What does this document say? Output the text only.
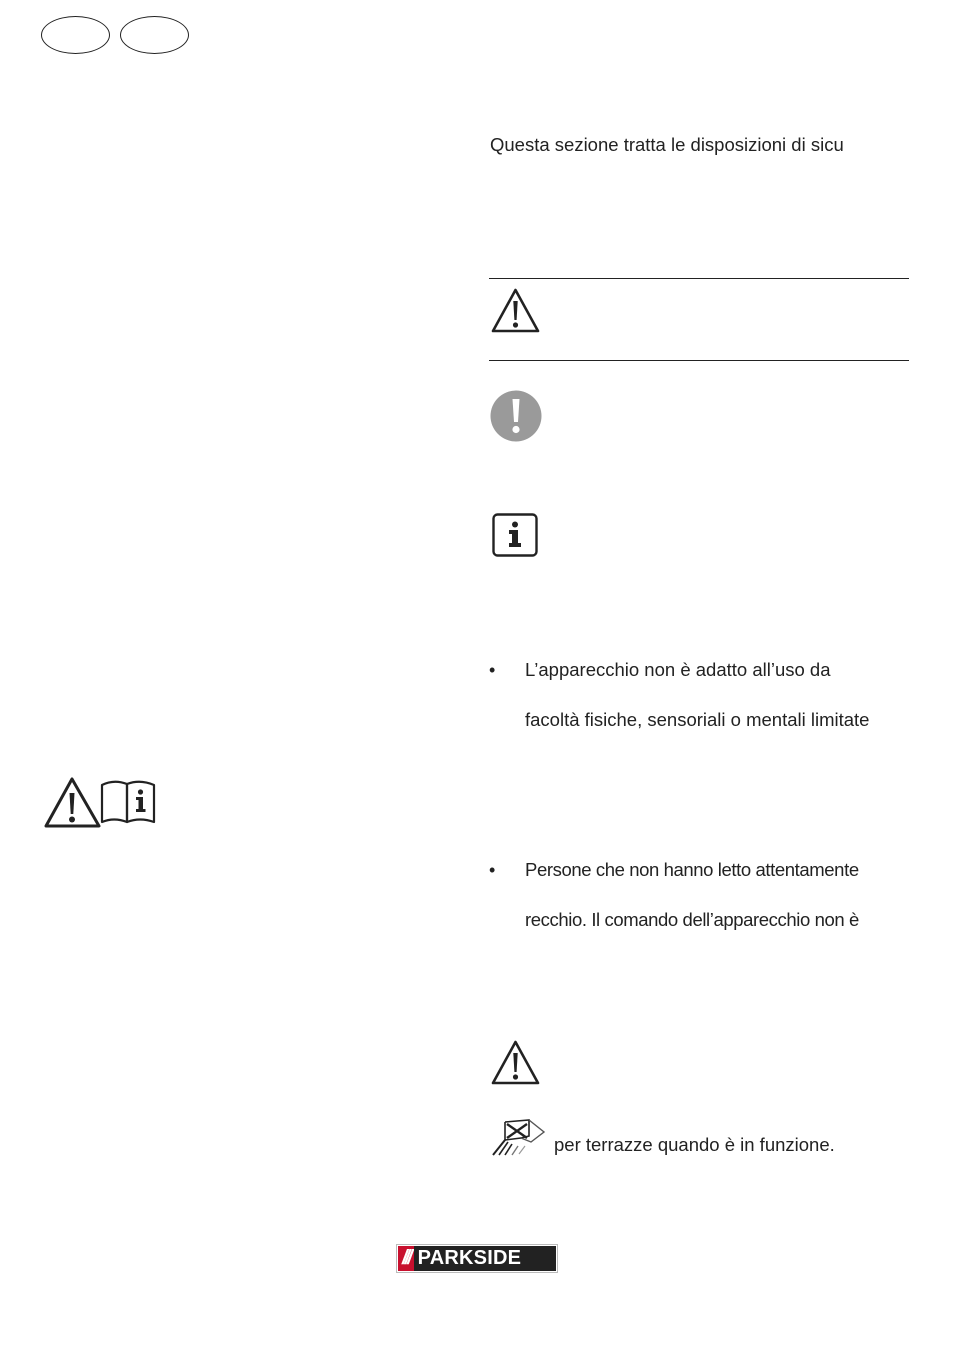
Questa sezione tratta le disposizioni di sicu
• L’apparecchio non è adatto all’uso da
facoltà fisiche, sensoriali o mentali limitate
• Persone che non hanno letto attentamente
recchio. Il comando dell’apparecchio non è
per terrazze quando è in funzione.
/// PARKSIDE
